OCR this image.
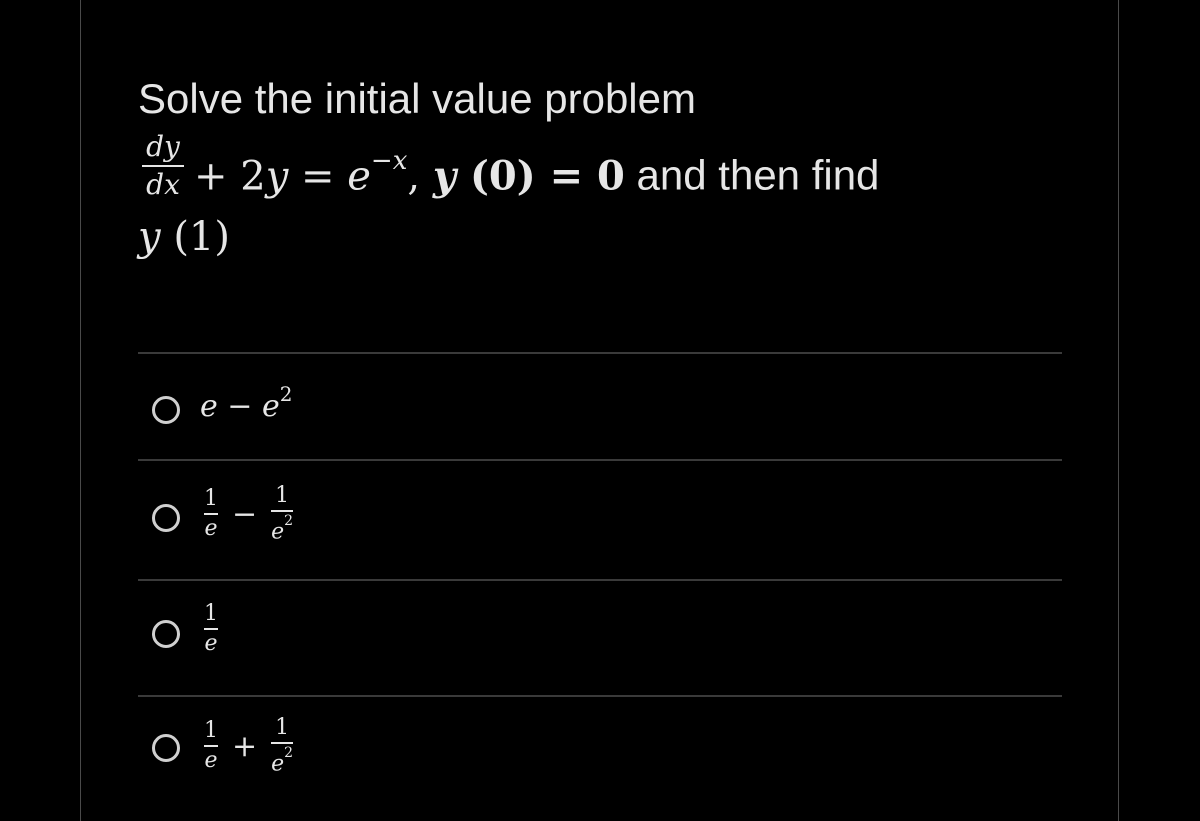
Solve the initial value problem
dy
dx + $2y = e^{-x}$, y (0) = 0 and then find
y (1)
$e - e^2$
$\frac{1}{e} - \frac{1}{e^2}$
$\frac{1}{e}$
$\frac{1}{e} + \frac{1}{e^2}$
